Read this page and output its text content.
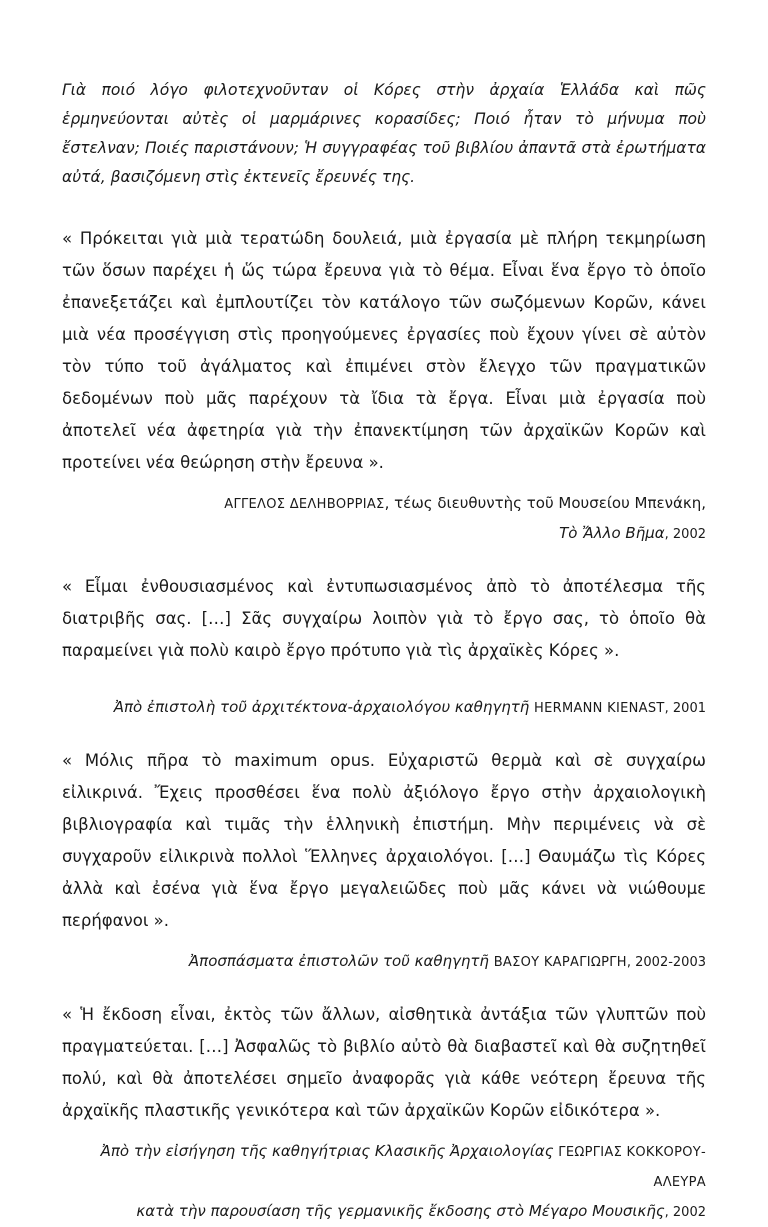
Γιὰ ποιό λόγο φιλοτεχνοῦνταν οἱ Κόρες στὴν ἀρχαία Ἑλλάδα καὶ πῶς ἑρμηνεύονται αὐτὲς οἱ μαρμάρινες κορασίδες; Ποιό ἦταν τὸ μήνυμα ποὺ ἔστελναν; Ποιές παριστάνουν; Ἡ συγγραφέας τοῦ βιβλίου ἀπαντᾶ στὰ ἐρωτήματα αὐτά, βασιζόμενη στὶς ἐκτενεῖς ἔρευνές της.

« Πρόκειται γιὰ μιὰ τερατώδη δουλειά, μιὰ ἐργασία μὲ πλήρη τεκμηρίωση τῶν ὅσων παρέχει ἡ ὥς τώρα ἔρευνα γιὰ τὸ θέμα. Εἶναι ἕνα ἔργο τὸ ὁποῖο ἐπανεξετάζει καὶ ἐμπλουτίζει τὸν κατάλογο τῶν σωζόμενων Κορῶν, κάνει μιὰ νέα προσέγγιση στὶς προηγούμενες ἐργασίες ποὺ ἔχουν γίνει σὲ αὐτὸν τὸν τύπο τοῦ ἀγάλματος καὶ ἐπιμένει στὸν ἔλεγχο τῶν πραγματικῶν δεδομένων ποὺ μᾶς παρέχουν τὰ ἴδια τὰ ἔργα. Εἶναι μιὰ ἐργασία ποὺ ἀποτελεῖ νέα ἀφετηρία γιὰ τὴν ἐπανεκτίμηση τῶν ἀρχαϊκῶν Κορῶν καὶ προτείνει νέα θεώρηση στὴν ἔρευνα ».

ΑΓΓΕΛΟΣ ΔΕΛΗΒΟΡΡΙΑΣ, τέως διευθυντὴς τοῦ Μουσείου Μπενάκη,
Τὸ Ἄλλο Βῆμα, 2002

« Εἶμαι ἐνθουσιασμένος καὶ ἐντυπωσιασμένος ἀπὸ τὸ ἀποτέλεσμα τῆς διατριβῆς σας. […] Σᾶς συγχαίρω λοιπὸν γιὰ τὸ ἔργο σας, τὸ ὁποῖο θὰ παραμείνει γιὰ πολὺ καιρὸ ἔργο πρότυπο γιὰ τὶς ἀρχαϊκὲς Κόρες ».

Ἀπὸ ἐπιστολὴ τοῦ ἀρχιτέκτονα-ἀρχαιολόγου καθηγητῆ HERMANN KIENAST, 2001

« Μόλις πῆρα τὸ maximum opus. Εὐχαριστῶ θερμὰ καὶ σὲ συγχαίρω εἰλικρινά. Ἔχεις προσθέσει ἕνα πολὺ ἀξιόλογο ἔργο στὴν ἀρχαιολογικὴ βιβλιογραφία καὶ τιμᾶς τὴν ἑλληνικὴ ἐπιστήμη. Μὴν περιμένεις νὰ σὲ συγχαροῦν εἰλικρινὰ πολλοὶ Ἕλληνες ἀρχαιολόγοι. […] Θαυμάζω τὶς Κόρες ἀλλὰ καὶ ἐσένα γιὰ ἕνα ἔργο μεγαλειῶδες ποὺ μᾶς κάνει νὰ νιώθουμε περήφανοι ».

Ἀποσπάσματα ἐπιστολῶν τοῦ καθηγητῆ ΒΑΣΟΥ ΚΑΡΑΓΙΩΡΓΗ, 2002-2003

« Ἡ ἔκδοση εἶναι, ἐκτὸς τῶν ἄλλων, αἰσθητικὰ ἀντάξια τῶν γλυπτῶν ποὺ πραγματεύεται. […] Ἀσφαλῶς τὸ βιβλίο αὐτὸ θὰ διαβαστεῖ καὶ θὰ συζητηθεῖ πολύ, καὶ θὰ ἀποτελέσει σημεῖο ἀναφορᾶς γιὰ κάθε νεότερη ἔρευνα τῆς ἀρχαϊκῆς πλαστικῆς γενικότερα καὶ τῶν ἀρχαϊκῶν Κορῶν εἰδικότερα ».

Ἀπὸ τὴν εἰσήγηση τῆς καθηγήτριας Κλασικῆς Ἀρχαιολογίας ΓΕΩΡΓΙΑΣ ΚΟΚΚΟΡΟΥ-ΑΛΕΥΡΑ
κατὰ τὴν παρουσίαση τῆς γερμανικῆς ἔκδοσης στὸ Μέγαρο Μουσικῆς, 2002
